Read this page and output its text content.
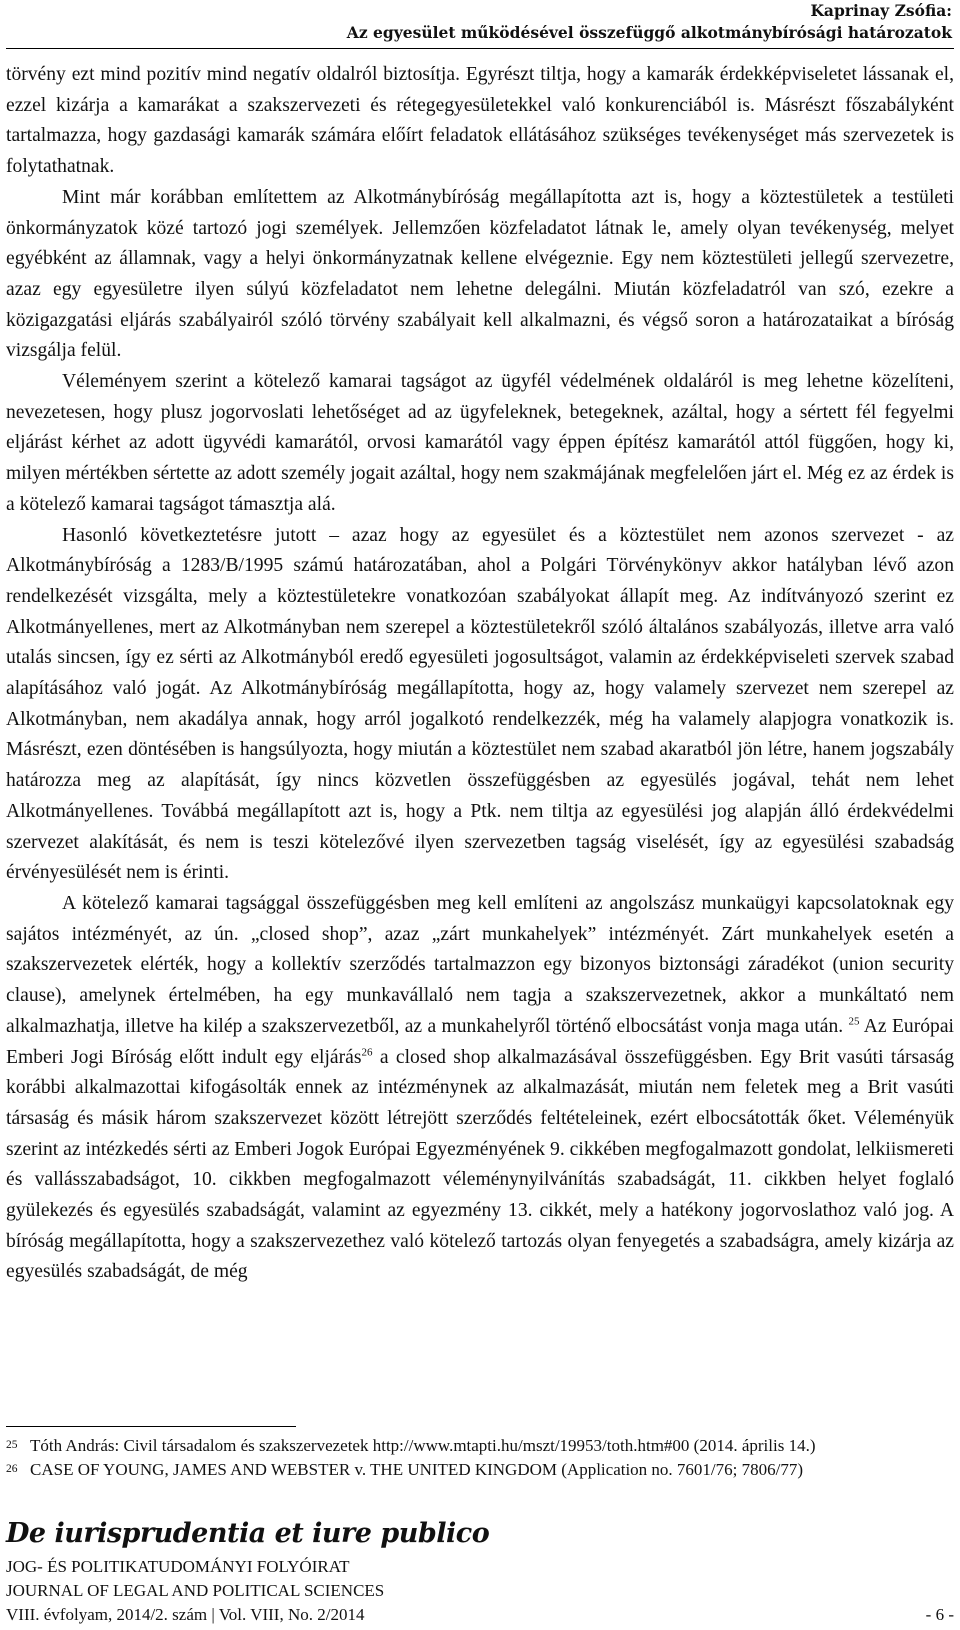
Kaprinay Zsófia:
Az egyesület működésével összefüggő alkotmánybírósági határozatok

törvény ezt mind pozitív mind negatív oldalról biztosítja. Egyrészt tiltja, hogy a kamarák érdekképviseletet lássanak el, ezzel kizárja a kamarákat a szakszervezeti és rétegegyesületekkel való konkurenciából is. Másrészt főszabályként tartalmazza, hogy gazdasági kamarák számára előírt feladatok ellátásához szükséges tevékenységet más szervezetek is folytathatnak.

Mint már korábban említettem az Alkotmánybíróság megállapította azt is, hogy a köztestületek a testületi önkormányzatok közé tartozó jogi személyek. Jellemzően közfeladatot látnak le, amely olyan tevékenység, melyet egyébként az államnak, vagy a helyi önkormányzatnak kellene elvégeznie. Egy nem köztestületi jellegű szervezetre, azaz egy egyesületre ilyen súlyú közfeladatot nem lehetne delegálni. Miután közfeladatról van szó, ezekre a közigazgatási eljárás szabályairól szóló törvény szabályait kell alkalmazni, és végső soron a határozataikat a bíróság vizsgálja felül.

Véleményem szerint a kötelező kamarai tagságot az ügyfél védelmének oldaláról is meg lehetne közelíteni, nevezetesen, hogy plusz jogorvoslati lehetőséget ad az ügyfeleknek, betegeknek, azáltal, hogy a sértett fél fegyelmi eljárást kérhet az adott ügyvédi kamarától, orvosi kamarától vagy éppen építész kamarától attól függően, hogy ki, milyen mértékben sértette az adott személy jogait azáltal, hogy nem szakmájának megfelelően járt el. Még ez az érdek is a kötelező kamarai tagságot támasztja alá.

Hasonló következtetésre jutott – azaz hogy az egyesület és a köztestület nem azonos szervezet - az Alkotmánybíróság a 1283/B/1995 számú határozatában, ahol a Polgári Törvénykönyv akkor hatályban lévő azon rendelkezését vizsgálta, mely a köztestületekre vonatkozóan szabályokat állapít meg. Az indítványozó szerint ez Alkotmányellenes, mert az Alkotmányban nem szerepel a köztestületekről szóló általános szabályozás, illetve arra való utalás sincsen, így ez sérti az Alkotmányból eredő egyesületi jogosultságot, valamin az érdekképviseleti szervek szabad alapításához való jogát. Az Alkotmánybíróság megállapította, hogy az, hogy valamely szervezet nem szerepel az Alkotmányban, nem akadálya annak, hogy arról jogalkotó rendelkezzék, még ha valamely alapjogra vonatkozik is. Másrészt, ezen döntésében is hangsúlyozta, hogy miután a köztestület nem szabad akaratból jön létre, hanem jogszabály határozza meg az alapítását, így nincs közvetlen összefüggésben az egyesülés jogával, tehát nem lehet Alkotmányellenes. Továbbá megállapított azt is, hogy a Ptk. nem tiltja az egyesülési jog alapján álló érdekvédelmi szervezet alakítását, és nem is teszi kötelezővé ilyen szervezetben tagság viselését, így az egyesülési szabadság érvényesülését nem is érinti.

A kötelező kamarai tagsággal összefüggésben meg kell említeni az angolszász munkaügyi kapcsolatoknak egy sajátos intézményét, az ún. „closed shop”, azaz „zárt munkahelyek” intézményét. Zárt munkahelyek esetén a szakszervezetek elérték, hogy a kollektív szerződés tartalmazzon egy bizonyos biztonsági záradékot (union security clause), amelynek értelmében, ha egy munkavállaló nem tagja a szakszervezetnek, akkor a munkáltató nem alkalmazhatja, illetve ha kilép a szakszervezetből, az a munkahelyről történő elbocsátást vonja maga után. $^{25}$ Az Európai Emberi Jogi Bíróság előtt indult egy eljárás$^{26}$ a closed shop alkalmazásával összefüggésben. Egy Brit vasúti társaság korábbi alkalmazottai kifogásolták ennek az intézménynek az alkalmazását, miután nem feletek meg a Brit vasúti társaság és másik három szakszervezet között létrejött szerződés feltételeinek, ezért elbocsátották őket. Véleményük szerint az intézkedés sérti az Emberi Jogok Európai Egyezményének 9. cikkében megfogalmazott gondolat, lelkiismereti és vallásszabadságot, 10. cikkben megfogalmazott véleménynyilvánítás szabadságát, 11. cikkben helyet foglaló gyülekezés és egyesülés szabadságát, valamint az egyezmény 13. cikkét, mely a hatékony jogorvoslathoz való jog. A bíróság megállapította, hogy a szakszervezethez való kötelező tartozás olyan fenyegetés a szabadságra, amely kizárja az egyesülés szabadságát, de még

25 Tóth András: Civil társadalom és szakszervezetek http://www.mtapti.hu/mszt/19953/toth.htm#00 (2014. április 14.)
26 CASE OF YOUNG, JAMES AND WEBSTER v. THE UNITED KINGDOM (Application no. 7601/76; 7806/77)
De iurisprudentia et iure publico
JOG- ÉS POLITIKATUDOMÁNYI FOLYÓIRAT
JOURNAL OF LEGAL AND POLITICAL SCIENCES
VIII. évfolyam, 2014/2. szám | Vol. VIII, No. 2/2014	- 6 -
